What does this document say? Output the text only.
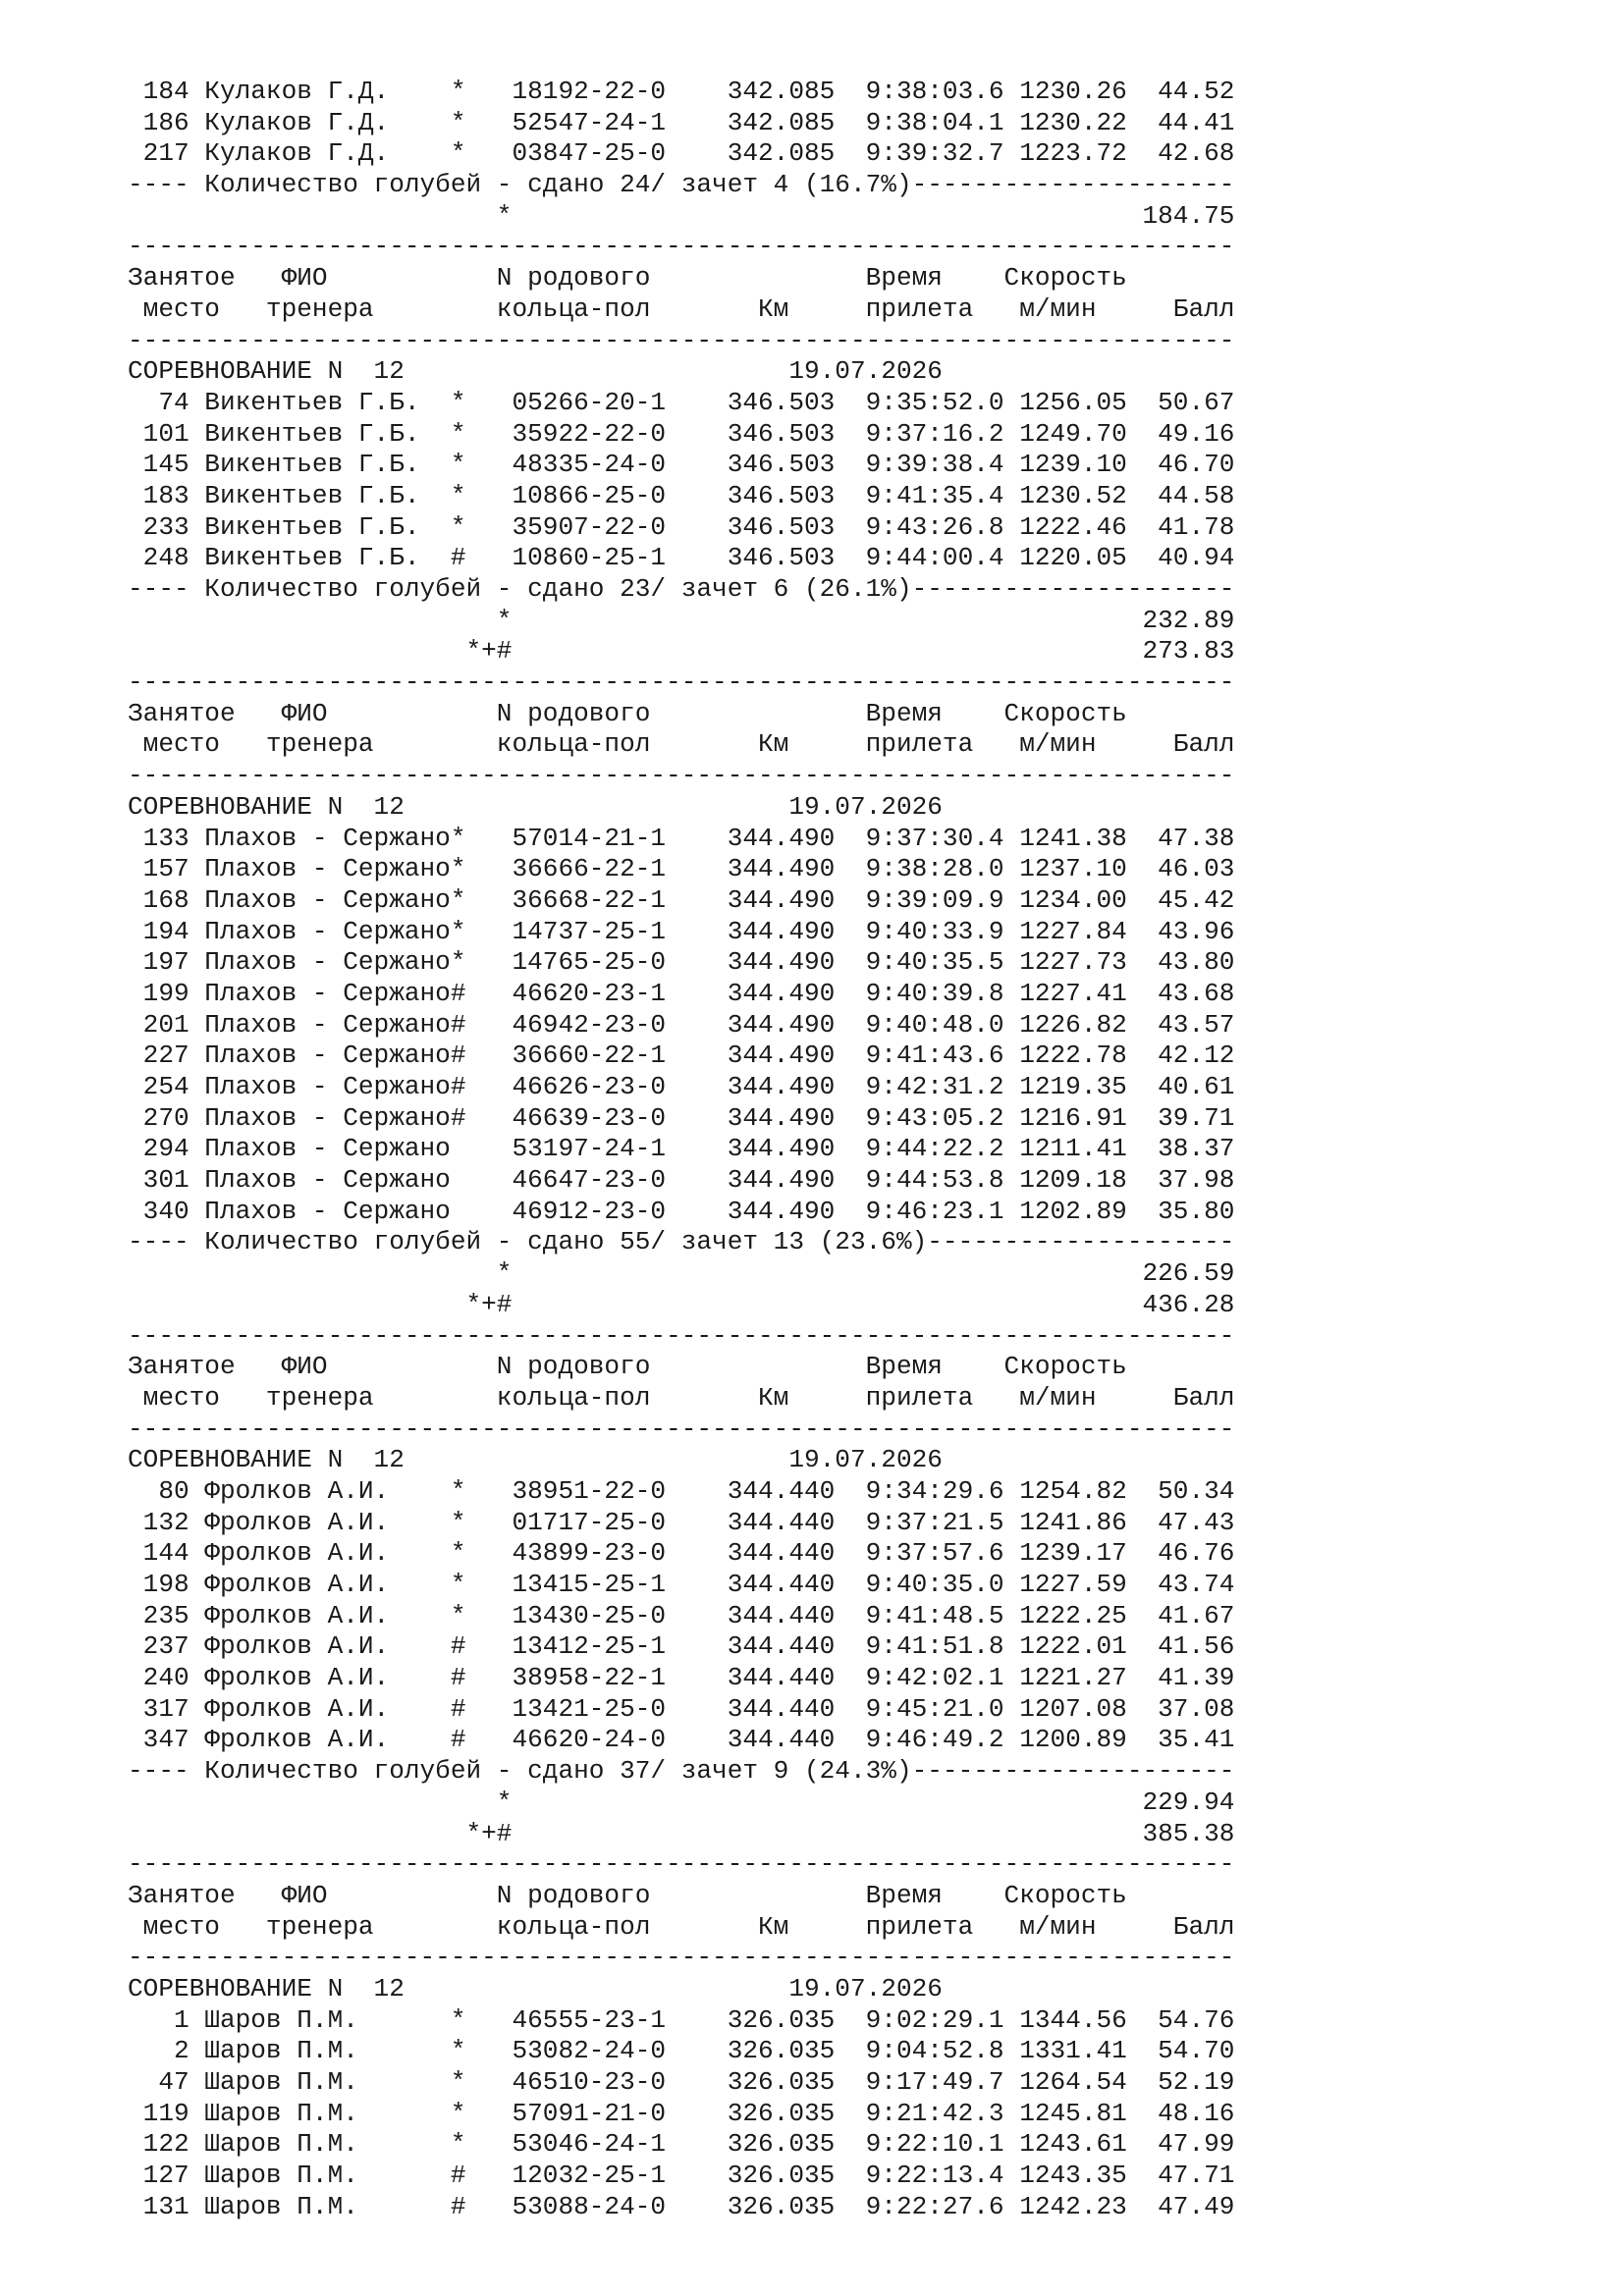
184 Кулаков Г.Д.    *   18192-22-0    342.085  9:38:03.6 1230.26  44.52
186 Кулаков Г.Д.    *   52547-24-1    342.085  9:38:04.1 1230.22  44.41
217 Кулаков Г.Д.    *   03847-25-0    342.085  9:39:32.7 1223.72  42.68
---- Количество голубей - сдано 24/ зачет 4 (16.7%)---------------------
*                                         184.75
------------------------------------------------------------------------
Занятое   ФИО           N родового              Время    Скорость
место   тренера        кольца-пол       Км     прилета   м/мин     Балл
------------------------------------------------------------------------
СОРЕВНОВАНИЕ N  12                         19.07.2026
74 Викентьев Г.Б.  *   05266-20-1    346.503  9:35:52.0 1256.05  50.67
101 Викентьев Г.Б.  *   35922-22-0    346.503  9:37:16.2 1249.70  49.16
145 Викентьев Г.Б.  *   48335-24-0    346.503  9:39:38.4 1239.10  46.70
183 Викентьев Г.Б.  *   10866-25-0    346.503  9:41:35.4 1230.52  44.58
233 Викентьев Г.Б.  *   35907-22-0    346.503  9:43:26.8 1222.46  41.78
248 Викентьев Г.Б.  #   10860-25-1    346.503  9:44:00.4 1220.05  40.94
---- Количество голубей - сдано 23/ зачет 6 (26.1%)---------------------
*                                         232.89
*+#                                         273.83
------------------------------------------------------------------------
Занятое   ФИО           N родового              Время    Скорость
место   тренера        кольца-пол       Км     прилета   м/мин     Балл
------------------------------------------------------------------------
СОРЕВНОВАНИЕ N  12                         19.07.2026
133 Плахов - Сержано*   57014-21-1    344.490  9:37:30.4 1241.38  47.38
157 Плахов - Сержано*   36666-22-1    344.490  9:38:28.0 1237.10  46.03
168 Плахов - Сержано*   36668-22-1    344.490  9:39:09.9 1234.00  45.42
194 Плахов - Сержано*   14737-25-1    344.490  9:40:33.9 1227.84  43.96
197 Плахов - Сержано*   14765-25-0    344.490  9:40:35.5 1227.73  43.80
199 Плахов - Сержано#   46620-23-1    344.490  9:40:39.8 1227.41  43.68
201 Плахов - Сержано#   46942-23-0    344.490  9:40:48.0 1226.82  43.57
227 Плахов - Сержано#   36660-22-1    344.490  9:41:43.6 1222.78  42.12
254 Плахов - Сержано#   46626-23-0    344.490  9:42:31.2 1219.35  40.61
270 Плахов - Сержано#   46639-23-0    344.490  9:43:05.2 1216.91  39.71
294 Плахов - Сержано    53197-24-1    344.490  9:44:22.2 1211.41  38.37
301 Плахов - Сержано    46647-23-0    344.490  9:44:53.8 1209.18  37.98
340 Плахов - Сержано    46912-23-0    344.490  9:46:23.1 1202.89  35.80
---- Количество голубей - сдано 55/ зачет 13 (23.6%)--------------------
*                                         226.59
*+#                                         436.28
------------------------------------------------------------------------
Занятое   ФИО           N родового              Время    Скорость
место   тренера        кольца-пол       Км     прилета   м/мин     Балл
------------------------------------------------------------------------
СОРЕВНОВАНИЕ N  12                         19.07.2026
80 Фролков А.И.    *   38951-22-0    344.440  9:34:29.6 1254.82  50.34
132 Фролков А.И.    *   01717-25-0    344.440  9:37:21.5 1241.86  47.43
144 Фролков А.И.    *   43899-23-0    344.440  9:37:57.6 1239.17  46.76
198 Фролков А.И.    *   13415-25-1    344.440  9:40:35.0 1227.59  43.74
235 Фролков А.И.    *   13430-25-0    344.440  9:41:48.5 1222.25  41.67
237 Фролков А.И.    #   13412-25-1    344.440  9:41:51.8 1222.01  41.56
240 Фролков А.И.    #   38958-22-1    344.440  9:42:02.1 1221.27  41.39
317 Фролков А.И.    #   13421-25-0    344.440  9:45:21.0 1207.08  37.08
347 Фролков А.И.    #   46620-24-0    344.440  9:46:49.2 1200.89  35.41
---- Количество голубей - сдано 37/ зачет 9 (24.3%)---------------------
*                                         229.94
*+#                                         385.38
------------------------------------------------------------------------
Занятое   ФИО           N родового              Время    Скорость
место   тренера        кольца-пол       Км     прилета   м/мин     Балл
------------------------------------------------------------------------
СОРЕВНОВАНИЕ N  12                         19.07.2026
1 Шаров П.М.      *   46555-23-1    326.035  9:02:29.1 1344.56  54.76
2 Шаров П.М.      *   53082-24-0    326.035  9:04:52.8 1331.41  54.70
47 Шаров П.М.      *   46510-23-0    326.035  9:17:49.7 1264.54  52.19
119 Шаров П.М.      *   57091-21-0    326.035  9:21:42.3 1245.81  48.16
122 Шаров П.М.      *   53046-24-1    326.035  9:22:10.1 1243.61  47.99
127 Шаров П.М.      #   12032-25-1    326.035  9:22:13.4 1243.35  47.71
131 Шаров П.М.      #   53088-24-0    326.035  9:22:27.6 1242.23  47.49
